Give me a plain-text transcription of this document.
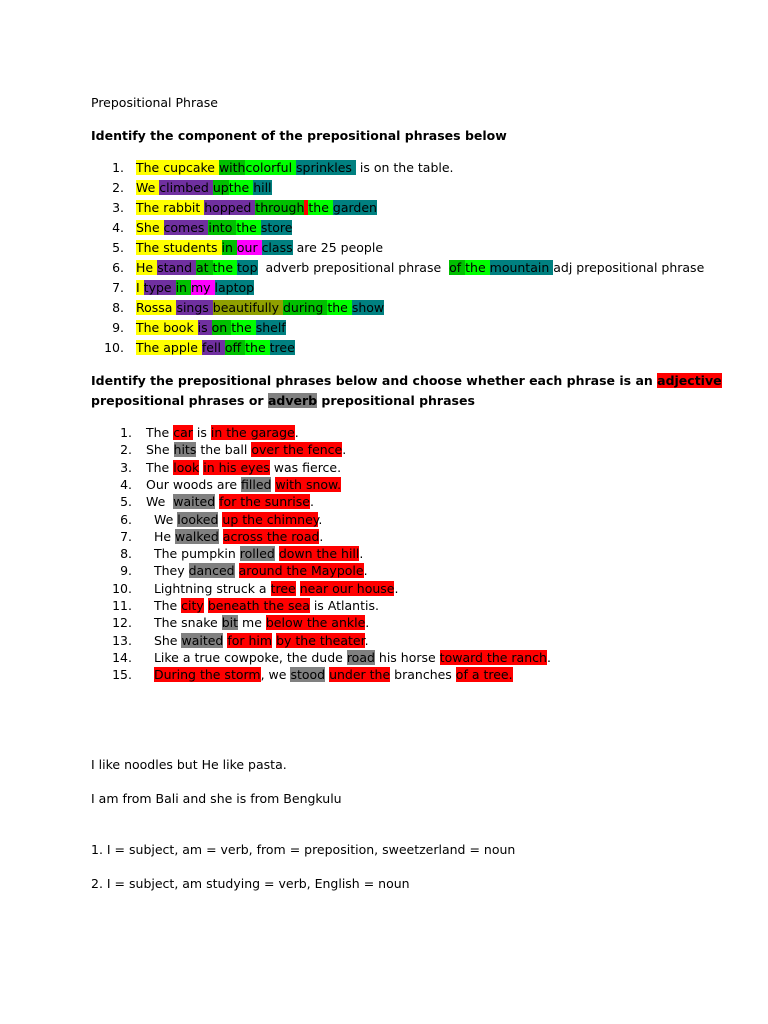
Prepositional Phrase
Identify the component of the prepositional phrases below
1. The cupcake withcolorful sprinkles  is on the table.
2. We climbed upthe hill
3. The rabbit hopped through the garden
4. She comes into the store
5. The students in our class are 25 people
6. He stand at the top  adverb prepositional phrase  of the mountain adj prepositional phrase
7. I type in my laptop
8. Rossa sings beautifully during the show
9. The book is on the shelf
10. The apple fell off the tree
Identify the prepositional phrases below and choose whether each phrase is an adjective
prepositional phrases or adverb prepositional phrases
1. The car is in the garage.
2. She hits the ball over the fence.
3. The look in his eyes was fierce.
4. Our woods are filled with snow.
5. We  waited for the sunrise.
6.  We looked up the chimney.
7.  He walked across the road.
8.  The pumpkin rolled down the hill.
9.  They danced around the Maypole.
10.  Lightning struck a tree near our house.
11.  The city beneath the sea is Atlantis.
12.  The snake bit me below the ankle.
13.  She waited for him by the theater.
14.  Like a true cowpoke, the dude road his horse toward the ranch.
15. During the storm, we stood under the branches of a tree.
I like noodles but He like pasta.
I am from Bali and she is from Bengkulu
1. I = subject, am = verb, from = preposition, sweetzerland = noun
2. I = subject, am studying = verb, English = noun
